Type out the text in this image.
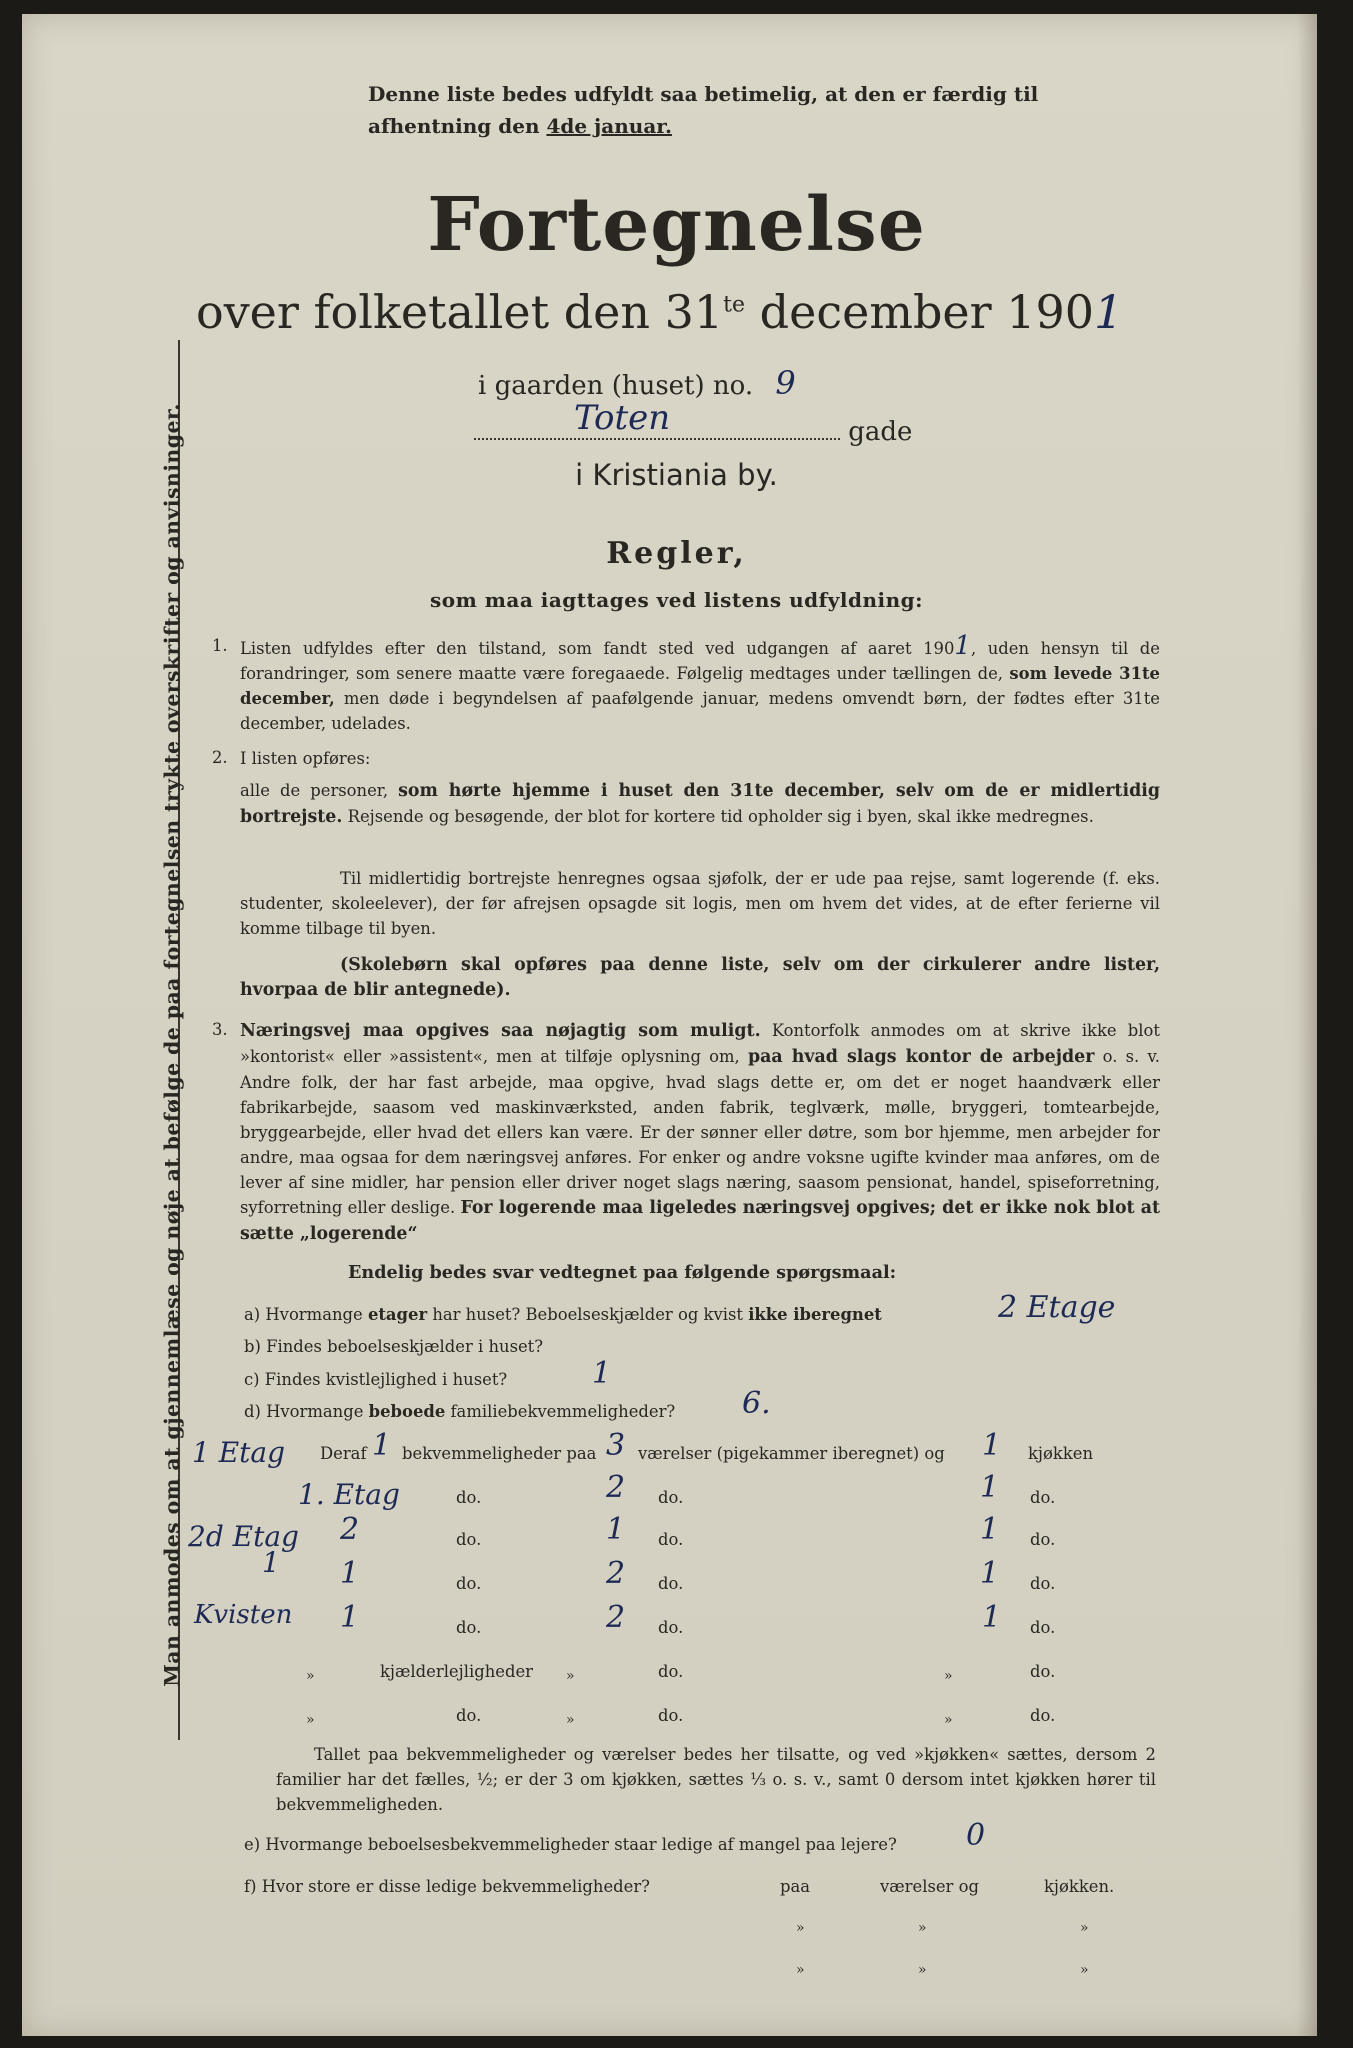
Man anmodes om at gjennemlæse og nøje at befølge de paa fortegnelsen trykte overskrifter og anvisninger.
Denne liste bedes udfyldt saa betimelig, at den er færdig til
afhentning den 4de januar.
Fortegnelse
over folketallet den $31^{te}$ december 1901
i gaarden (huset) no. 9
Toten	gade
i Kristiania by.
Regler,
som maa iagttages ved listens udfyldning:
1. Listen udfyldes efter den tilstand, som fandt sted ved udgangen af aaret 1901, uden hensyn til de forandringer, som senere maatte være foregaaede. Følgelig medtages under tællingen de, som levede 31te december, men døde i begyndelsen af paafølgende januar, medens omvendt børn, der fødtes efter 31te december, udelades.
2. I listen opføres:
alle de personer, som hørte hjemme i huset den 31te december, selv om de er midlertidig bortrejste. Rejsende og besøgende, der blot for kortere tid opholder sig i byen, skal ikke medregnes.
Til midlertidig bortrejste henregnes ogsaa sjøfolk, der er ude paa rejse, samt logerende (f. eks. studenter, skoleelever), der før afrejsen opsagde sit logis, men om hvem det vides, at de efter ferierne vil komme tilbage til byen.
(Skolebørn skal opføres paa denne liste, selv om der cirkulerer andre lister, hvorpaa de blir antegnede).
3. Næringsvej maa opgives saa nøjagtig som muligt. Kontorfolk anmodes om at skrive ikke blot »kontorist« eller »assistent«, men at tilføje oplysning om, paa hvad slags kontor de arbejder o. s. v. Andre folk, der har fast arbejde, maa opgive, hvad slags dette er, om det er noget haandværk eller fabrikarbejde, saasom ved maskinværksted, anden fabrik, teglværk, mølle, bryggeri, tomtearbejde, bryggearbejde, eller hvad det ellers kan være. Er der sønner eller døtre, som bor hjemme, men arbejder for andre, maa ogsaa for dem næringsvej anføres. For enker og andre voksne ugifte kvinder maa anføres, om de lever af sine midler, har pension eller driver noget slags næring, saasom pensionat, handel, spiseforretning, syforretning eller deslige. For logerende maa ligeledes næringsvej opgives; det er ikke nok blot at sætte „logerende“
Endelig bedes svar vedtegnet paa følgende spørgsmaal:
a) Hvormange etager har huset? Beboelseskjælder og kvist ikke iberegnet	2 Etage
b) Findes beboelseskjælder i huset?
c) Findes kvistlejlighed i huset?	1
d) Hvormange beboede familiebekvemmeligheder? 6.
Deraf bekvemmeligheder paa	værelser (pigekammer iberegnet) og	kjøkken
1 Etag	1	3	1
1. Etag	do.	2 do.	1 do.
2d Etag 2	do.	1 do.	1 do.
1 1	do.	2 do.	1 do.
Kvisten 1	do.	2 do.	1 do.
kjælderlejligheder	do.	do.
do.	do.	do.
Tallet paa bekvemmeligheder og værelser bedes her tilsatte, og ved »kjøkken« sættes, dersom 2 familier har det fælles, ½; er der 3 om kjøkken, sættes ⅓ o. s. v., samt 0 dersom intet kjøkken hører til bekvemmeligheden.
e) Hvormange beboelsesbekvemmeligheder staar ledige af mangel paa lejere? 0
f) Hvor store er disse ledige bekvemmeligheder?	paa	værelser og	kjøkken.
»	»	»
»	»	»
»	»	»
»	»	»
